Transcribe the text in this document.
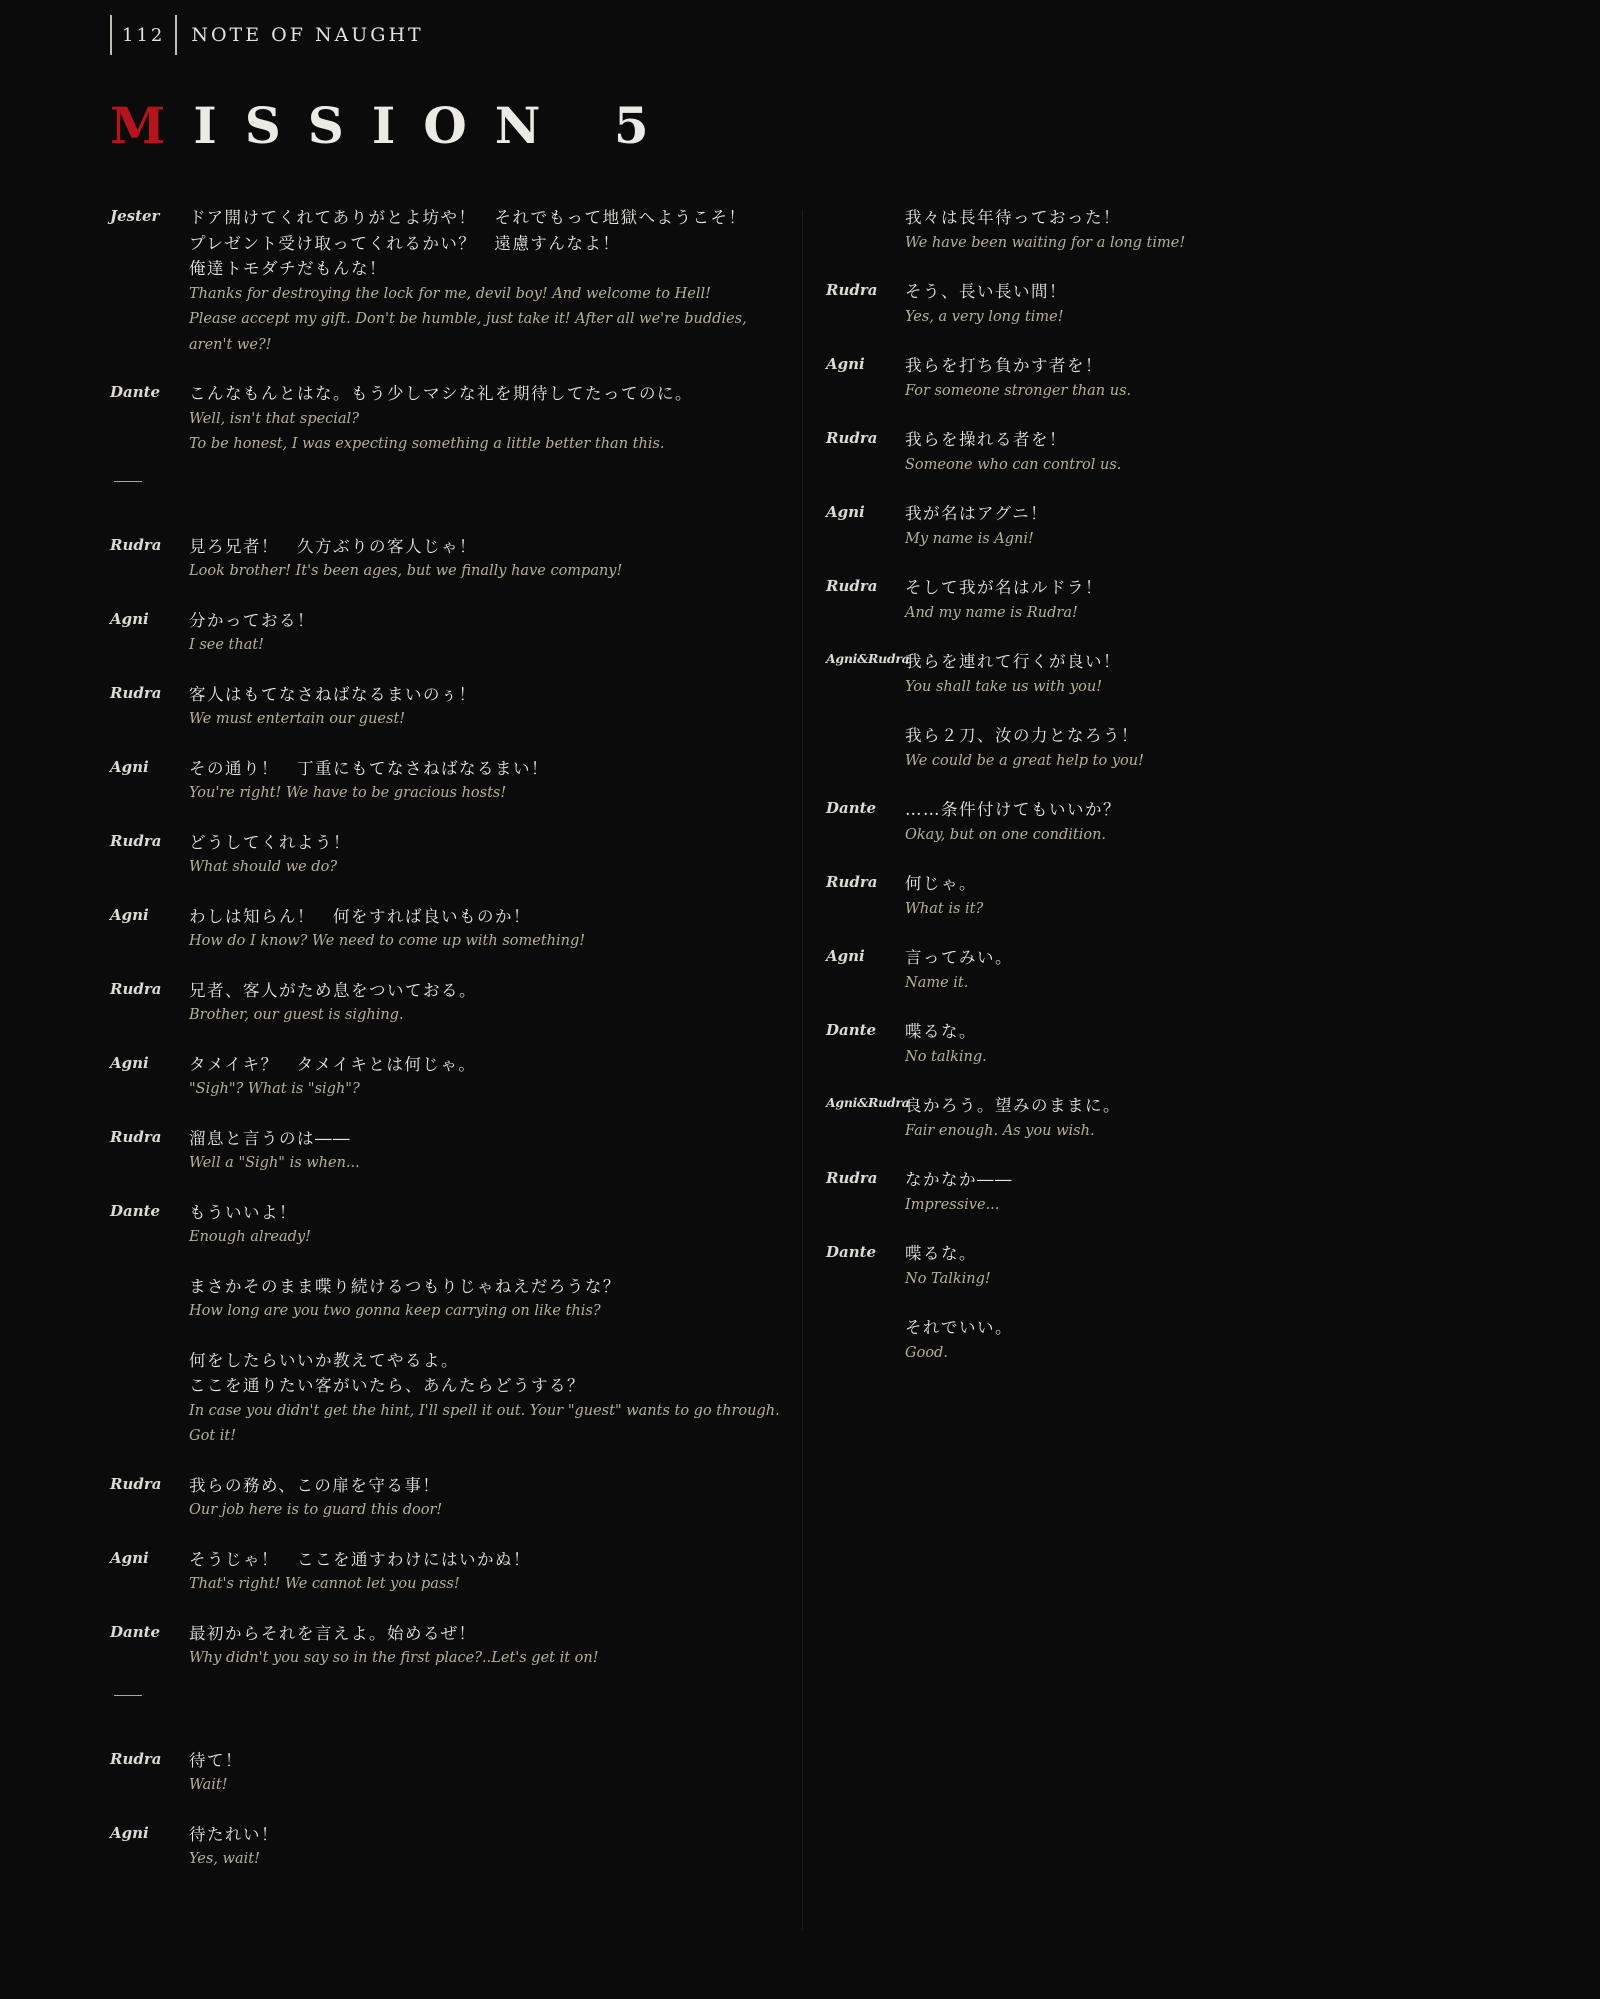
112	NOTE OF NAUGHT
MISSION 5
Jester ドア開けてくれてありがとよ坊や！　それでもって地獄へようこそ！
プレゼント受け取ってくれるかい？　遠慮すんなよ！
俺達トモダチだもんな！
Thanks for destroying the lock for me, devil boy! And welcome to Hell!
Please accept my gift. Don't be humble, just take it! After all we're buddies,
aren't we?!
Dante こんなもんとはな。もう少しマシな礼を期待してたってのに。
Well, isn't that special?
To be honest, I was expecting something a little better than this.
Rudra 見ろ兄者！　久方ぶりの客人じゃ！
Look brother! It's been ages, but we finally have company!
Agni 分かっておる！
I see that!
Rudra 客人はもてなさねばなるまいのぅ！
We must entertain our guest!
Agni その通り！　丁重にもてなさねばなるまい！
You're right! We have to be gracious hosts!
Rudra どうしてくれよう！
What should we do?
Agni わしは知らん！　何をすれば良いものか！
How do I know? We need to come up with something!
Rudra 兄者、客人がため息をついておる。
Brother, our guest is sighing.
Agni タメイキ？　タメイキとは何じゃ。
"Sigh"? What is "sigh"?
Rudra 溜息と言うのは――
Well a "Sigh" is when...
Dante もういいよ！
Enough already!
まさかそのまま喋り続けるつもりじゃねえだろうな？
How long are you two gonna keep carrying on like this?
何をしたらいいか教えてやるよ。
ここを通りたい客がいたら、あんたらどうする？
In case you didn't get the hint, I'll spell it out. Your "guest" wants to go through.
Got it!
Rudra 我らの務め、この扉を守る事！
Our job here is to guard this door!
Agni そうじゃ！　ここを通すわけにはいかぬ！
That's right! We cannot let you pass!
Dante 最初からそれを言えよ。始めるぜ！
Why didn't you say so in the first place?..Let's get it on!
Rudra 待て！
Wait!
Agni 待たれい！
Yes, wait!
我々は長年待っておった！
We have been waiting for a long time!
Rudra そう、長い長い間！
Yes, a very long time!
Agni 我らを打ち負かす者を！
For someone stronger than us.
Rudra 我らを操れる者を！
Someone who can control us.
Agni 我が名はアグニ！
My name is Agni!
Rudra そして我が名はルドラ！
And my name is Rudra!
Agni&Rudra
我らを連れて行くが良い！
You shall take us with you!
我ら２刀、汝の力となろう！
We could be a great help to you!
Dante ……条件付けてもいいか？
Okay, but on one condition.
Rudra 何じゃ。
What is it?
Agni 言ってみい。
Name it.
Dante 喋るな。
No talking.
Agni&Rudra
良かろう。望みのままに。
Fair enough. As you wish.
Rudra なかなか――
Impressive...
Dante 喋るな。
No Talking!
それでいい。
Good.
